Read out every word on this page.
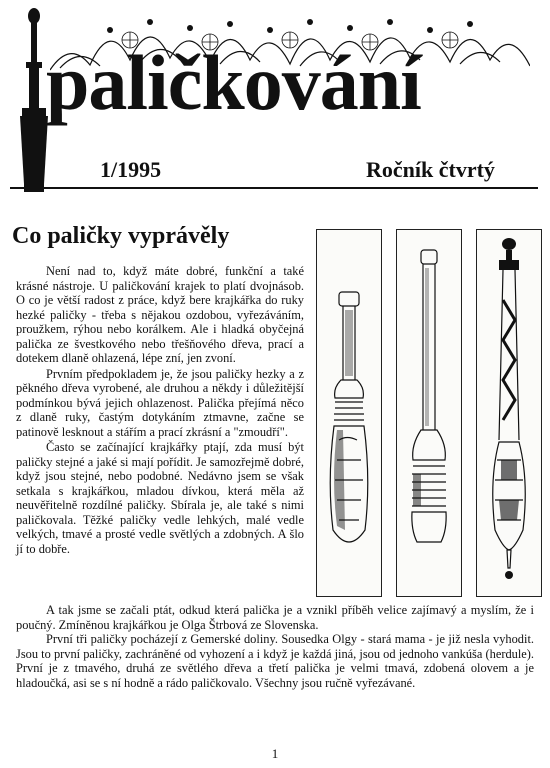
paličkování
1/1995	Ročník čtvrtý
Co paličky vyprávěly

Není nad to, když máte dobré, funkční a také krásné nástroje. U paličkování krajek to platí dvojnásob. O co je větší radost z práce, když bere krajkářka do ruky hezké paličky - třeba s nějakou ozdobou, vyřezáváním, proužkem, rýhou nebo korálkem. Ale i hladká obyčejná palička ze švestkového nebo třešňového dřeva, prací a dotekem dlaně ohlazená, lépe zní, jen zvoní.

Prvním předpokladem je, že jsou paličky hezky a z pěkného dřeva vyrobené, ale druhou a někdy i důležitější podmínkou bývá jejich ohlazenost. Palička přejímá něco z dlaně ruky, častým dotykáním ztmavne, začne se patinově lesknout a stářím a prací zkrásní a "zmoudří".

Často se začínající krajkářky ptají, zda musí být paličky stejné a jaké si mají pořídit. Je samozřejmě dobré, když jsou stejné, nebo podobné. Nedávno jsem se však setkala s krajkářkou, mladou dívkou, která měla až neuvěřitelně rozdílné paličky. Sbírala je, ale také s nimi paličkovala. Těžké paličky vedle lehkých, malé vedle velkých, tmavé a prosté vedle světlých a zdobných. A šlo jí to dobře.

A tak jsme se začali ptát, odkud která palička je a vznikl příběh velice zajímavý a myslím, že i poučný. Zmíněnou krajkářkou je Olga Štrbová ze Slovenska.

První tři paličky pocházejí z Gemerské doliny. Sousedka Olgy - stará mama - je již nesla vyhodit. Jsou to první paličky, zachráněné od vyhození a i když je každá jiná, jsou od jednoho vankúša (herdule). První je z tmavého, druhá ze světlého dřeva a třetí palička je velmi tmavá, zdobená olovem a je hladoučká, asi se s ní hodně a rádo paličkovalo. Všechny jsou ručně vyřezávané.

1
